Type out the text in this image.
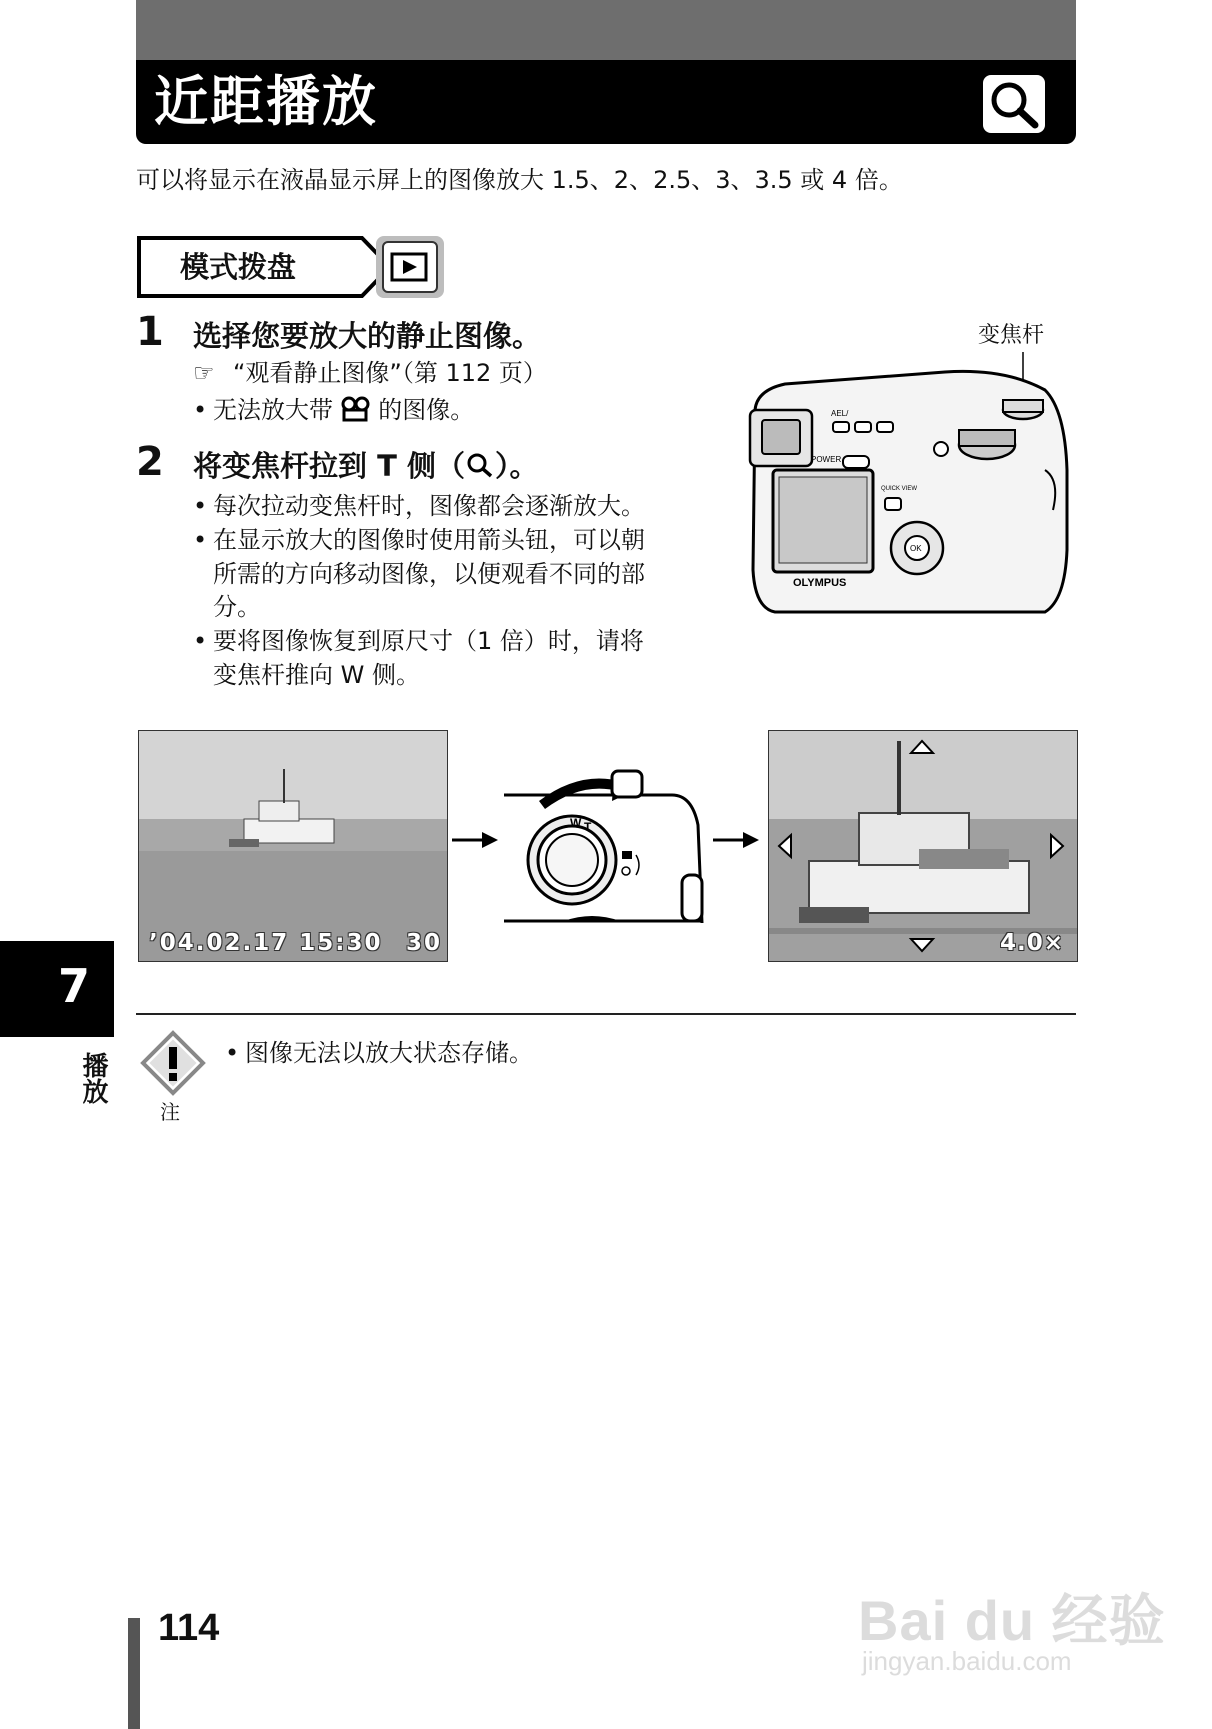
近距播放
可以将显示在液晶显示屏上的图像放大 1.5、2、2.5、3、3.5 或 4 倍。
模式拨盘
1 选择您要放大的静止图像。
☞ “观看静止图像”（第 112 页）
• 无法放大带 的图像。
2 将变焦杆拉到 T 侧（ ）。
• 每次拉动变焦杆时，图像都会逐渐放大。
• 在显示放大的图像时使用箭头钮，可以朝
所需的方向移动图像，以便观看不同的部
分。
• 要将图像恢复到原尺寸（1 倍）时，请将
变焦杆推向 W 侧。
变焦杆
AEL/
POWER
QUICK VIEW
OK
OLYMPUS
’04.02.17 15:30 30
W T
4.0×
注
• 图像无法以放大状态存储。
7
播放
114	Bai du 经验
jingyan.baidu.com
